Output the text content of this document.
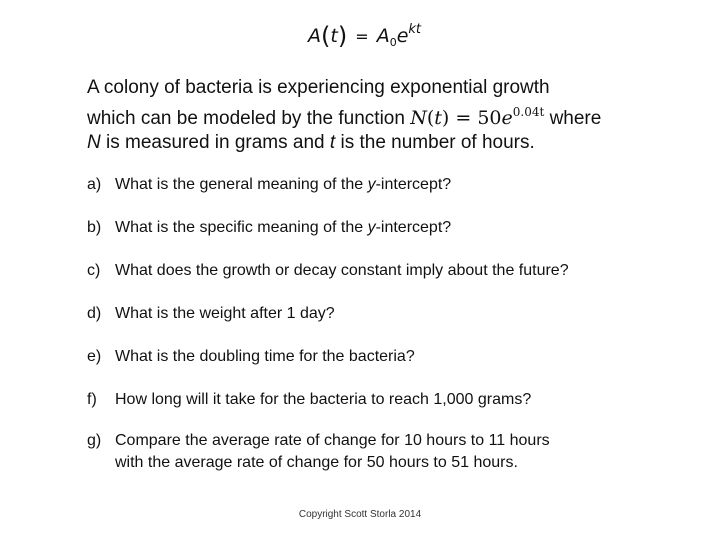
$A(t) = A_0e^{kt}$
A colony of bacteria is experiencing exponential growth
which can be modeled by the function $N(t) = 50e^{0.04t}$ where
N is measured in grams and t is the number of hours.
a) What is the general meaning of the y-intercept?
b) What is the specific meaning of the y-intercept?
c) What does the growth or decay constant imply about the future?
d) What is the weight after 1 day?
e) What is the doubling time for the bacteria?
f) How long will it take for the bacteria to reach 1,000 grams?
g) Compare the average rate of change for 10 hours to 11 hours
with the average rate of change for 50 hours to 51 hours.
Copyright Scott Storla 2014
